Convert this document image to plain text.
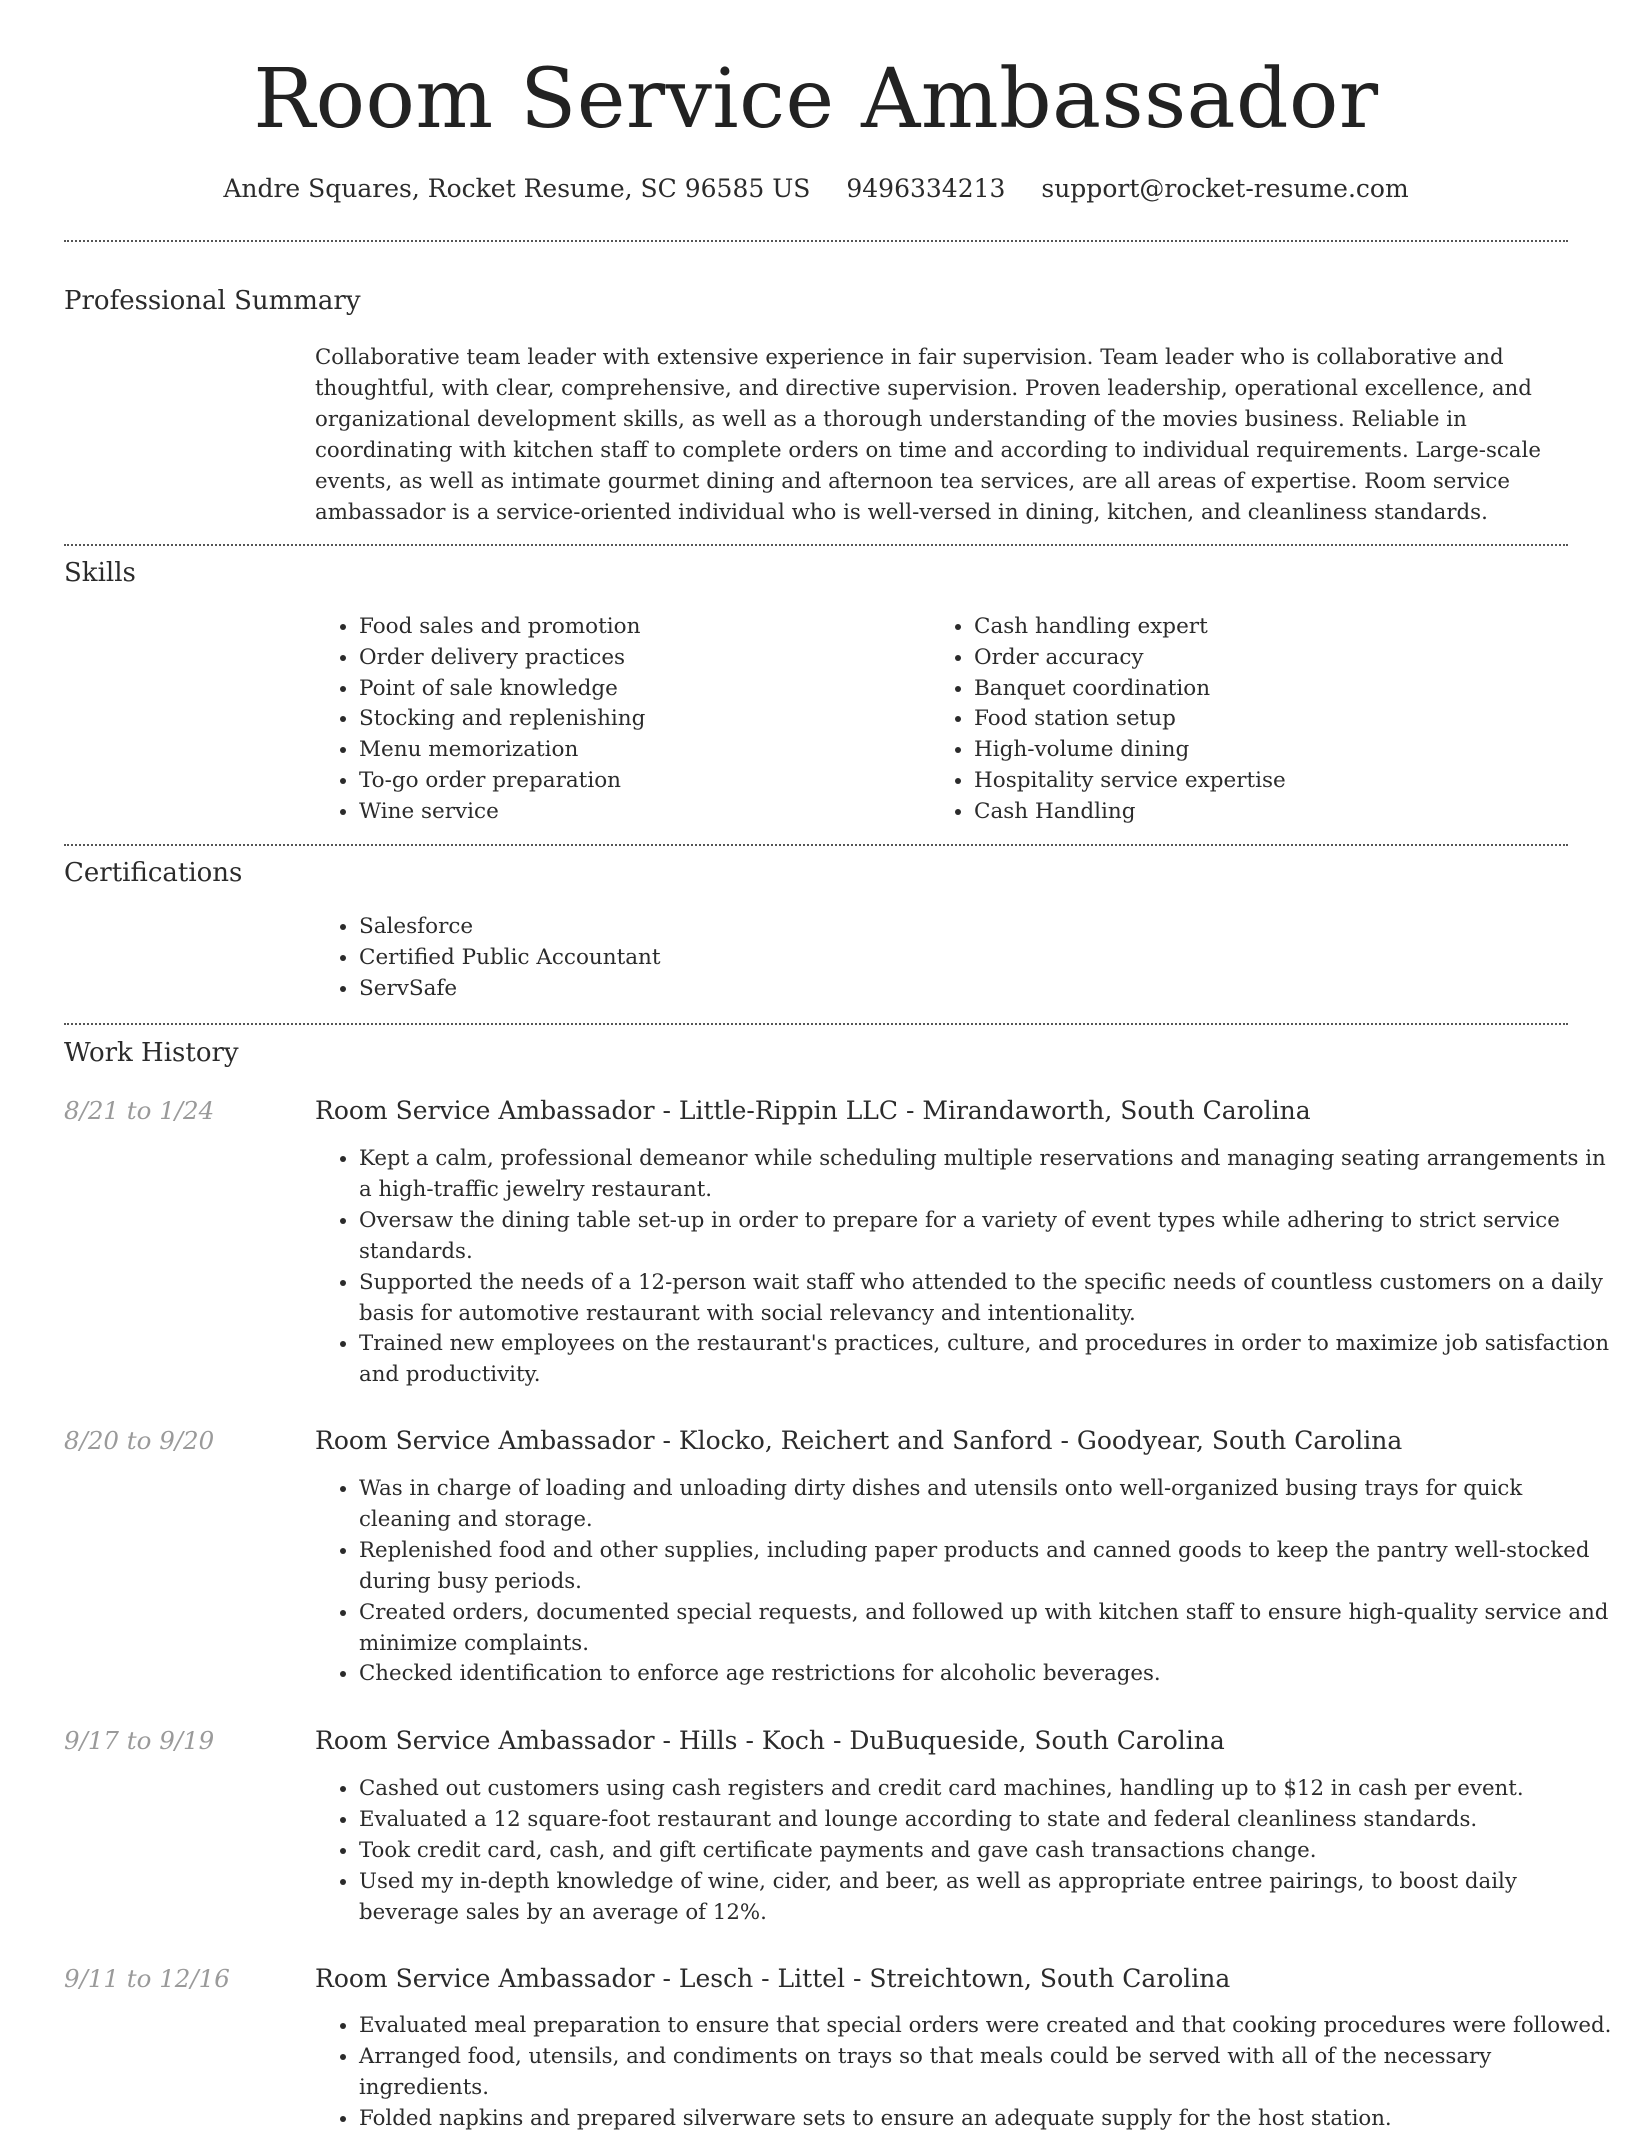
Room Service Ambassador
Andre Squares, Rocket Resume, SC 96585 US 9496334213 support@rocket-resume.com
Professional Summary

Collaborative team leader with extensive experience in fair supervision. Team leader who is collaborative and thoughtful, with clear, comprehensive, and directive supervision. Proven leadership, operational excellence, and organizational development skills, as well as a thorough understanding of the movies business. Reliable in coordinating with kitchen staff to complete orders on time and according to individual requirements. Large-scale events, as well as intimate gourmet dining and afternoon tea services, are all areas of expertise. Room service ambassador is a service-oriented individual who is well-versed in dining, kitchen, and cleanliness standards.

Skills
• Food sales and promotion
• Order delivery practices
• Point of sale knowledge
• Stocking and replenishing
• Menu memorization
• To-go order preparation
• Wine service
• Cash handling expert
• Order accuracy
• Banquet coordination
• Food station setup
• High-volume dining
• Hospitality service expertise
• Cash Handling
Certifications
• Salesforce
• Certified Public Accountant
• ServSafe
Work History
8/21 to 1/24	Room Service Ambassador - Little-Rippin LLC - Mirandaworth, South Carolina
• Kept a calm, professional demeanor while scheduling multiple reservations and managing seating arrangements in a high-traffic jewelry restaurant.
• Oversaw the dining table set-up in order to prepare for a variety of event types while adhering to strict service standards.
• Supported the needs of a 12-person wait staff who attended to the specific needs of countless customers on a daily basis for automotive restaurant with social relevancy and intentionality.
• Trained new employees on the restaurant's practices, culture, and procedures in order to maximize job satisfaction and productivity.
8/20 to 9/20	Room Service Ambassador - Klocko, Reichert and Sanford - Goodyear, South Carolina
• Was in charge of loading and unloading dirty dishes and utensils onto well-organized busing trays for quick cleaning and storage.
• Replenished food and other supplies, including paper products and canned goods to keep the pantry well-stocked during busy periods.
• Created orders, documented special requests, and followed up with kitchen staff to ensure high-quality service and minimize complaints.
• Checked identification to enforce age restrictions for alcoholic beverages.
9/17 to 9/19	Room Service Ambassador - Hills - Koch - DuBuqueside, South Carolina
• Cashed out customers using cash registers and credit card machines, handling up to $12 in cash per event.
• Evaluated a 12 square-foot restaurant and lounge according to state and federal cleanliness standards.
• Took credit card, cash, and gift certificate payments and gave cash transactions change.
• Used my in-depth knowledge of wine, cider, and beer, as well as appropriate entree pairings, to boost daily beverage sales by an average of 12%.
9/11 to 12/16	Room Service Ambassador - Lesch - Littel - Streichtown, South Carolina
• Evaluated meal preparation to ensure that special orders were created and that cooking procedures were followed.
• Arranged food, utensils, and condiments on trays so that meals could be served with all of the necessary ingredients.
• Folded napkins and prepared silverware sets to ensure an adequate supply for the host station.
